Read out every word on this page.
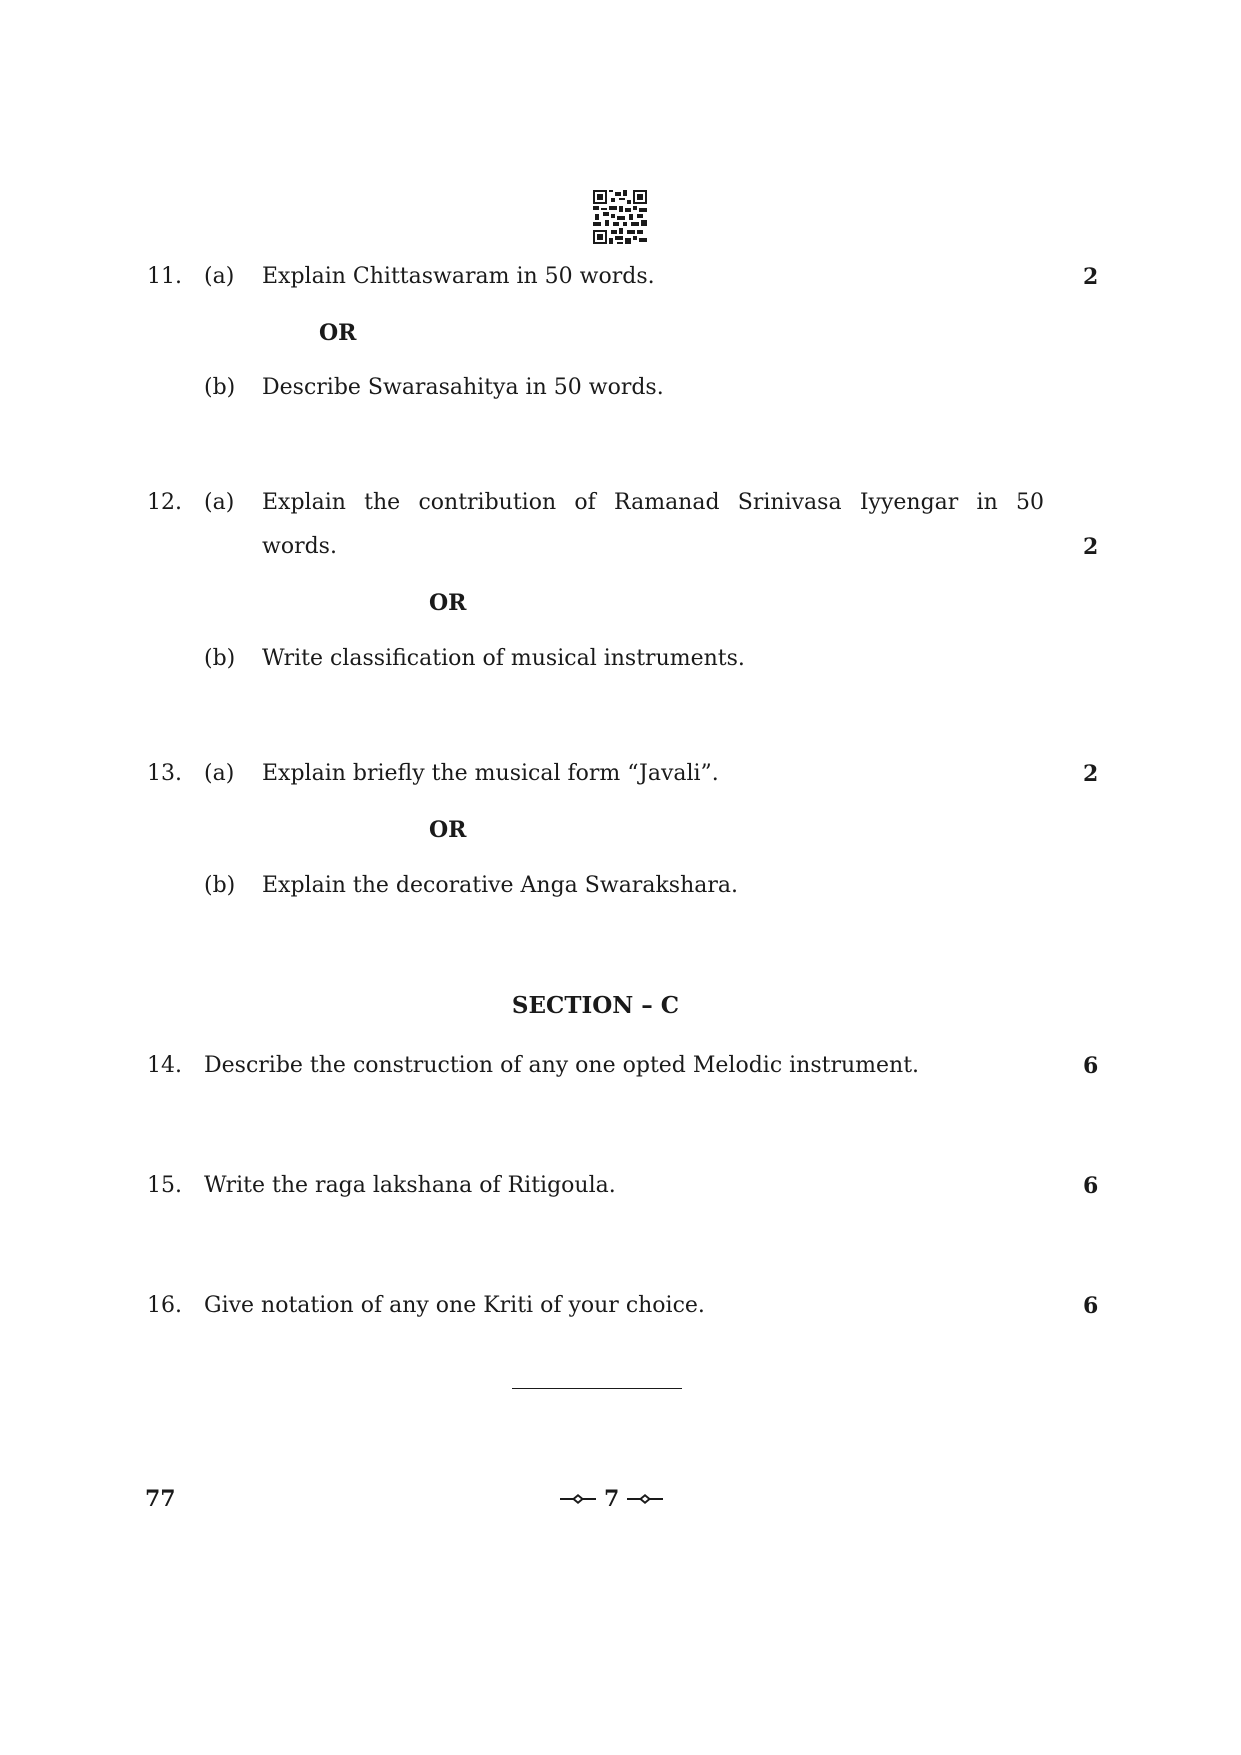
11. (a) Explain Chittaswaram in 50 words.	2
OR
(b) Describe Swarasahitya in 50 words.
12. (a) Explain the contribution of Ramanad Srinivasa Iyyengar in 50
words.	2
OR
(b) Write classification of musical instruments.
13. (a) Explain briefly the musical form “Javali”.	2
OR
(b) Explain the decorative Anga Swarakshara.
SECTION – C
14. Describe the construction of any one opted Melodic instrument.	6
15. Write the raga lakshana of Ritigoula.	6
16. Give notation of any one Kriti of your choice.	6
77	7
